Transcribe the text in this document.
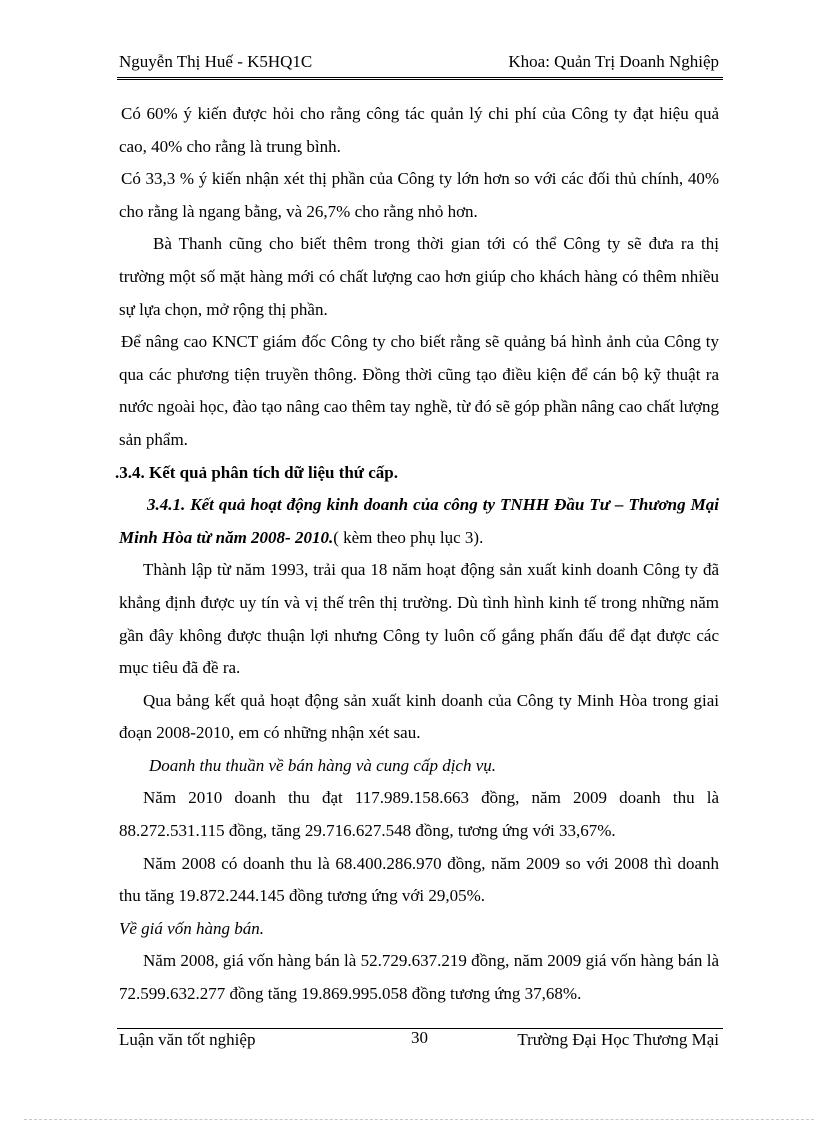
Nguyễn Thị Huế - K5HQ1C	Khoa: Quản Trị Doanh Nghiệp

Có 60% ý kiến được hỏi cho rằng công tác quản lý chi phí của Công ty đạt hiệu quả cao, 40% cho rằng là trung bình.

Có 33,3 % ý kiến nhận xét thị phần của Công ty lớn hơn so với các đối thủ chính, 40% cho rằng là ngang bằng, và 26,7% cho rằng nhỏ hơn.

Bà Thanh cũng cho biết thêm trong thời gian tới có thể Công ty sẽ đưa ra thị trường một số mặt hàng mới có chất lượng cao hơn giúp cho khách hàng có thêm nhiều sự lựa chọn, mở rộng thị phần.

Để nâng cao KNCT giám đốc Công ty cho biết rằng sẽ quảng bá hình ảnh của Công ty qua các phương tiện truyền thông. Đồng thời cũng tạo điều kiện để cán bộ kỹ thuật ra nước ngoài học, đào tạo nâng cao thêm tay nghề, từ đó sẽ góp phần nâng cao chất lượng sản phẩm.

.3.4. Kết quả phân tích dữ liệu thứ cấp.

3.4.1. Kết quả hoạt động kinh doanh của công ty TNHH Đầu Tư – Thương Mại Minh Hòa từ năm 2008- 2010.( kèm theo phụ lục 3).

Thành lập từ năm 1993, trải qua 18 năm hoạt động sản xuất kinh doanh Công ty đã khẳng định được uy tín và vị thế trên thị trường. Dù tình hình kinh tế trong những năm gần đây không được thuận lợi nhưng Công ty luôn cố gắng phấn đấu để đạt được các mục tiêu đã đề ra.

Qua bảng kết quả hoạt động sản xuất kinh doanh của Công ty Minh Hòa trong giai đoạn 2008-2010, em có những nhận xét sau.

Doanh thu thuần về bán hàng và cung cấp dịch vụ.

Năm 2010 doanh thu đạt 117.989.158.663 đồng, năm 2009 doanh thu là 88.272.531.115 đồng, tăng 29.716.627.548 đồng, tương ứng với 33,67%.

Năm 2008 có doanh thu là 68.400.286.970 đồng, năm 2009 so với 2008 thì doanh thu tăng 19.872.244.145 đồng tương ứng với 29,05%.

Về giá vốn hàng bán.

Năm 2008, giá vốn hàng bán là 52.729.637.219 đồng, năm 2009 giá vốn hàng bán là 72.599.632.277 đồng tăng 19.869.995.058 đồng tương ứng 37,68%.

Luận văn tốt nghiệp	30	Trường Đại Học Thương Mại
